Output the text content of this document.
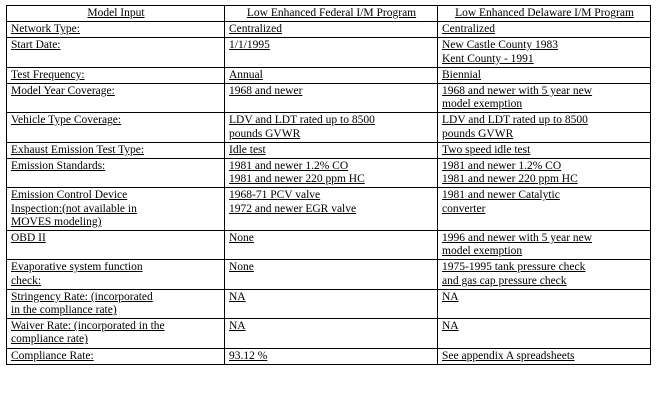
Model Input	Low Enhanced Federal I/M Program	Low Enhanced Delaware I/M Program

Network Type:	Centralized	Centralized

Start Date:	1/1/1995	New Castle County 1983
Kent County - 1991

Test Frequency:	Annual	Biennial

Model Year Coverage:	1968 and newer	1968 and newer with 5 year new
model exemption

Vehicle Type Coverage:	LDV and LDT rated up to 8500
pounds GVWR	LDV and LDT rated up to 8500
pounds GVWR

Exhaust Emission Test Type:	Idle test	Two speed idle test

Emission Standards:	1981 and newer 1.2% CO
1981 and newer 220 ppm HC	1981 and newer 1.2% CO
1981 and newer 220 ppm HC

Emission Control Device
Inspection:(not available in
MOVES modeling)	1968-71 PCV valve
1972 and newer EGR valve	1981 and newer Catalytic
converter

OBD II	None	1996 and newer with 5 year new
model exemption

Evaporative system function
check:	None	1975-1995 tank pressure check
and gas cap pressure check

Stringency Rate: (incorporated
in the compliance rate)	NA	NA

Waiver Rate: (incorporated in the
compliance rate)	NA	NA

Compliance Rate:	93.12 %	See appendix A spreadsheets
